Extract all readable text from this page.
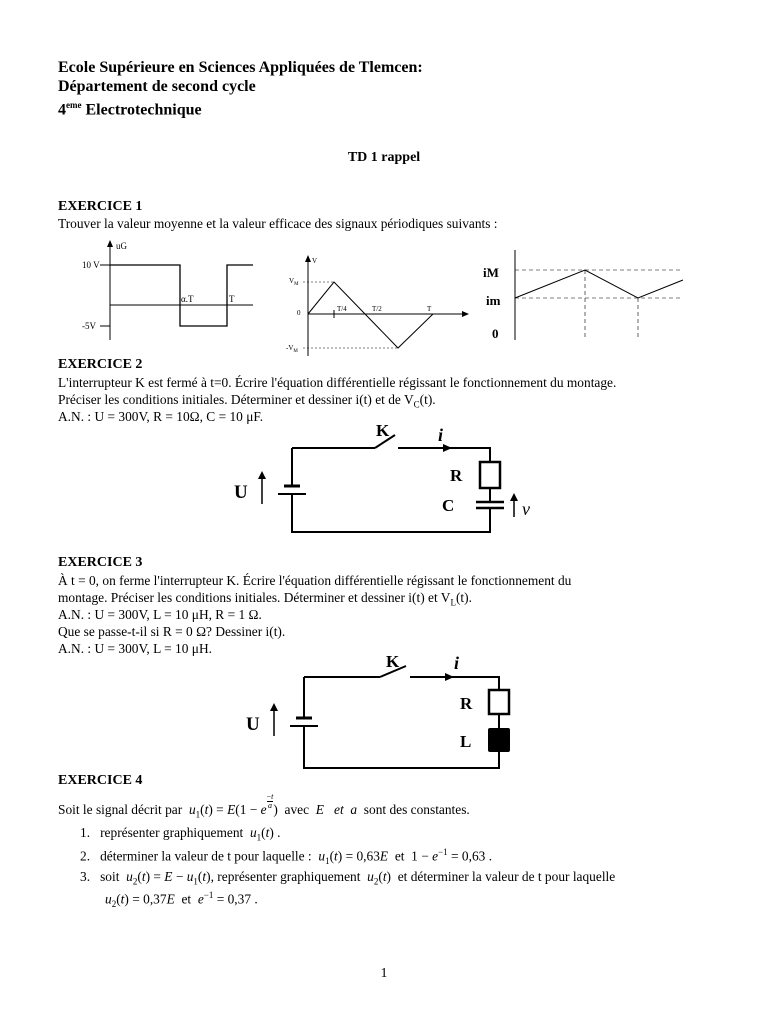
Ecole Supérieure en Sciences Appliquées de Tlemcen:
Département de second cycle
4eme Electrotechnique
TD 1 rappel
EXERCICE 1
Trouver la valeur moyenne et la valeur efficace des signaux périodiques suivants :
uG
10 V
-5V
α.T	T
V
$V_M$
$-V_M$
0	T/4	T/2	T
iM
im
0
EXERCICE 2
L'interrupteur K est fermé à t=0. Écrire l'équation différentielle régissant le fonctionnement du montage.
Préciser les conditions initiales. Déterminer et dessiner i(t) et de $V_C(t)$.
A.N. : U = 300V, R = 10Ω, C = 10 μF.
K	i
U
R
C	v
EXERCICE 3
À t = 0, on ferme l'interrupteur K. Écrire l'équation différentielle régissant le fonctionnement du
montage. Préciser les conditions initiales. Déterminer et dessiner i(t) et $V_L(t)$.
A.N. : U = 300V, L = 10 μH, R = 1 Ω.
Que se passe-t-il si R = 0 Ω? Dessiner i(t).
A.N. : U = 300V, L = 10 μH.
K	i
U
R
L
EXERCICE 4
Soit le signal décrit par $u_1(t) = E(1 - e \frac{-t}{a}$ ) avec E et a sont des constantes.
1. représenter graphiquement $u_1(t)$ .
2. déterminer la valeur de t pour laquelle : $u_1(t) = 0,63E$ et  $1 - e^{-1} = 0,63$ .
3. soit $u_2(t) = E - u_1(t)$, représenter graphiquement $u_2(t)$  et déterminer la valeur de t pour laquelle
$u_2(t) = 0,37E$ et $e^{-1} = 0,37$ .
1
